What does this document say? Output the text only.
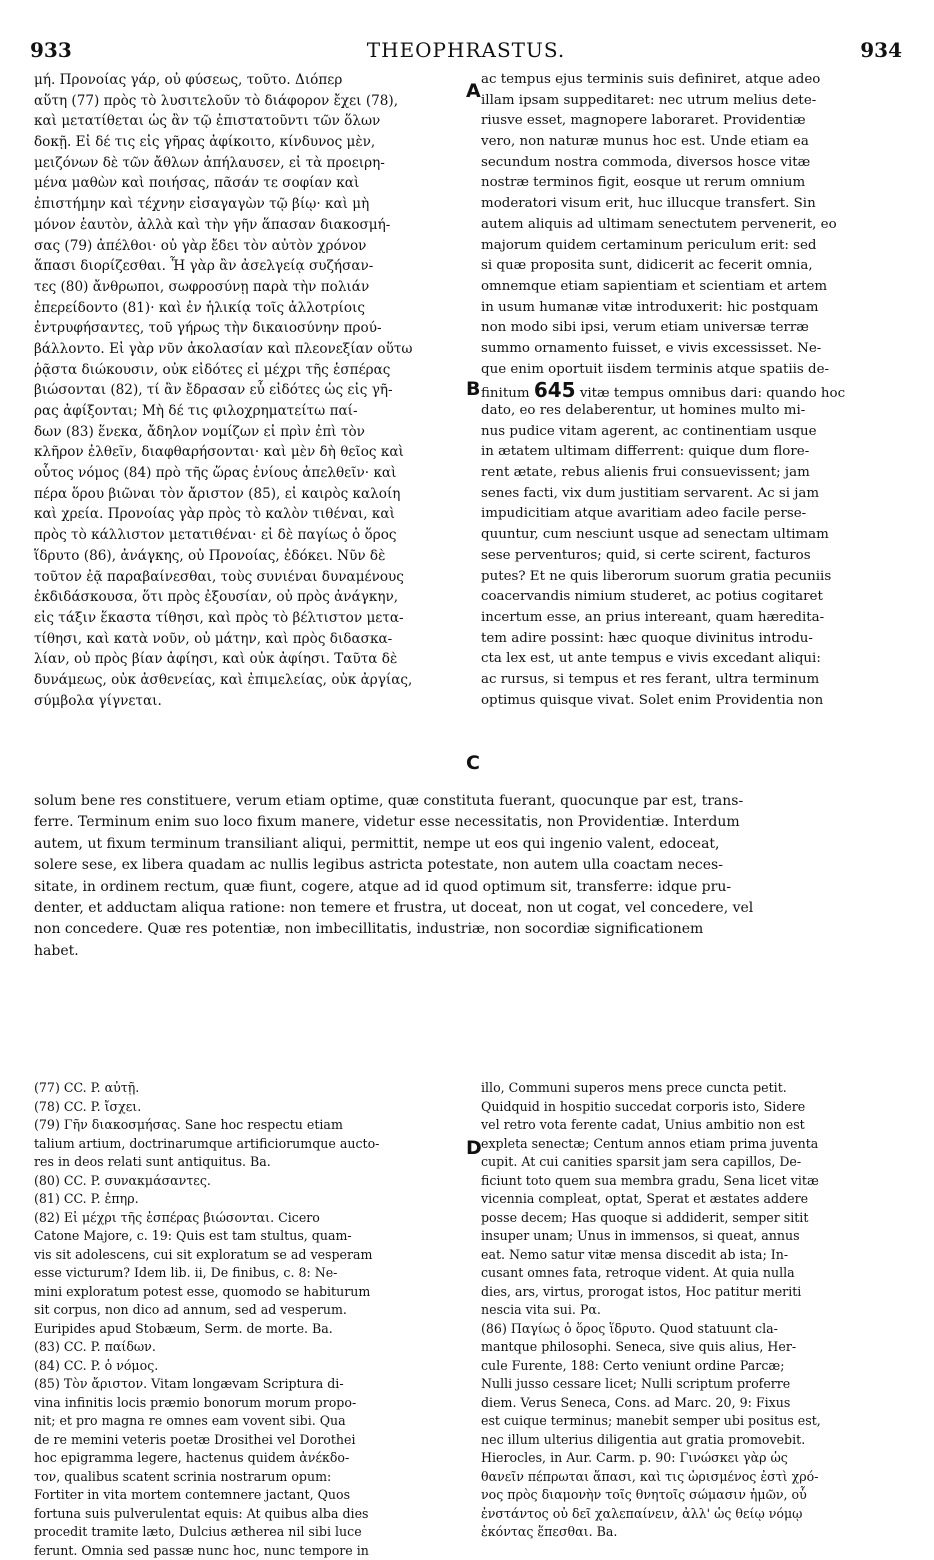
933	THEOPHRASTUS.	934
μή. Προνοίας γάρ, οὐ φύσεως, τοῦτο. Διόπερ
αὕτη (77) πρὸς τὸ λυσιτελοῦν τὸ διάφορον ἔχει (78),
καὶ μετατίθεται ὡς ἂν τῷ ἐπιστατοῦντι τῶν ὅλων
δοκῇ. Εἰ δέ τις εἰς γῆρας ἀφίκοιτο, κίνδυνος μὲν,
μειζόνων δὲ τῶν ἄθλων ἀπήλαυσεν, εἰ τὰ προειρη-
μένα μαθὼν καὶ ποιήσας, πᾶσάν τε σοφίαν καὶ
ἐπιστήμην καὶ τέχνην εἰσαγαγὼν τῷ βίῳ· καὶ μὴ
μόνον ἑαυτὸν, ἀλλὰ καὶ τὴν γῆν ἅπασαν διακοσμή-
σας (79) ἀπέλθοι· οὐ γὰρ ἔδει τὸν αὐτὸν χρόνον
ἅπασι διορίζεσθαι. Ἦ γὰρ ἂν ἀσελγείᾳ συζήσαν-
τες (80) ἄνθρωποι, σωφροσύνῃ παρὰ τὴν πολιάν
ἐπερείδοντο (81)· καὶ ἐν ἡλικίᾳ τοῖς ἀλλοτρίοις
ἐντρυφήσαντες, τοῦ γήρως τὴν δικαιοσύνην πρού-
βάλλοντο. Εἰ γὰρ νῦν ἀκολασίαν καὶ πλεονεξίαν οὕτω
ῥᾷστα διώκουσιν, οὐκ εἰδότες εἰ μέχρι τῆς ἑσπέρας
βιώσονται (82), τί ἂν ἔδρασαν εὖ εἰδότες ὡς εἰς γῆ-
ρας ἀφίξονται; Μὴ δέ τις φιλοχρηματείτω παί-
δων (83) ἕνεκα, ἄδηλον νομίζων εἰ πρὶν ἐπὶ τὸν
κλῆρον ἐλθεῖν, διαφθαρήσονται· καὶ μὲν δὴ θεῖος καὶ
οὗτος νόμος (84) πρὸ τῆς ὥρας ἐνίους ἀπελθεῖν· καὶ
πέρα ὅρου βιῶναι τὸν ἄριστον (85), εἰ καιρὸς καλοίη
καὶ χρεία. Προνοίας γὰρ πρὸς τὸ καλὸν τιθέναι, καὶ
πρὸς τὸ κάλλιστον μετατιθέναι· εἰ δὲ παγίως ὁ ὅρος
ἵδρυτο (86), ἀνάγκης, οὐ Προνοίας, ἐδόκει. Νῦν δὲ
τοῦτον ἐᾷ παραβαίνεσθαι, τοὺς συνιέναι δυναμένους
ἐκδιδάσκουσα, ὅτι πρὸς ἐξουσίαν, οὐ πρὸς ἀνάγκην,
εἰς τάξιν ἕκαστα τίθησι, καὶ πρὸς τὸ βέλτιστον μετα-
τίθησι, καὶ κατὰ νοῦν, οὐ μάτην, καὶ πρὸς διδασκα-
λίαν, οὐ πρὸς βίαν ἀφίησι, καὶ οὐκ ἀφίησι. Ταῦτα δὲ
δυνάμεως, οὐκ ἀσθενείας, καὶ ἐπιμελείας, οὐκ ἀργίας,
σύμβολα γίγνεται.
ac tempus ejus terminis suis definiret, atque adeo
illam ipsam suppeditaret: nec utrum melius dete-
riusve esset, magnopere laboraret. Providentiæ
vero, non naturæ munus hoc est. Unde etiam ea
secundum nostra commoda, diversos hosce vitæ
nostræ terminos figit, eosque ut rerum omnium
moderatori visum erit, huc illucque transfert. Sin
autem aliquis ad ultimam senectutem pervenerit, eo
majorum quidem certaminum periculum erit: sed
si quæ proposita sunt, didicerit ac fecerit omnia,
omnemque etiam sapientiam et scientiam et artem
in usum humanæ vitæ introduxerit: hic postquam
non modo sibi ipsi, verum etiam universæ terræ
summo ornamento fuisset, e vivis excessisset. Ne-
que enim oportuit iisdem terminis atque spatiis de-
finitum 645 vitæ tempus omnibus dari: quando hoc
dato, eo res delaberentur, ut homines multo mi-
nus pudice vitam agerent, ac continentiam usque
in ætatem ultimam differrent: quique dum flore-
rent ætate, rebus alienis frui consuevissent; jam
senes facti, vix dum justitiam servarent. Ac si jam
impudicitiam atque avaritiam adeo facile perse-
quuntur, cum nesciunt usque ad senectam ultimam
sese perventuros; quid, si certe scirent, facturos
putes? Et ne quis liberorum suorum gratia pecuniis
coacervandis nimium studeret, ac potius cogitaret
incertum esse, an prius intereant, quam hæredita-
tem adire possint: hæc quoque divinitus introdu-
cta lex est, ut ante tempus e vivis excedant aliqui:
ac rursus, si tempus et res ferant, ultra terminum
optimus quisque vivat. Solet enim Providentia non
solum bene res constituere, verum etiam optime, quæ constituta fuerant, quocunque par est, trans-
ferre. Terminum enim suo loco fixum manere, videtur esse necessitatis, non Providentiæ. Interdum
autem, ut fixum terminum transiliant aliqui, permittit, nempe ut eos qui ingenio valent, edoceat,
solere sese, ex libera quadam ac nullis legibus astricta potestate, non autem ulla coactam neces-
sitate, in ordinem rectum, quæ fiunt, cogere, atque ad id quod optimum sit, transferre: idque pru-
denter, et adductam aliqua ratione: non temere et frustra, ut doceat, non ut cogat, vel concedere, vel
non concedere. Quæ res potentiæ, non imbecillitatis, industriæ, non socordiæ significationem
habet.
(77) CC. P. αὐτῇ.
(78) CC. P. ἴσχει.
(79) Γῆν διακοσμήσας. Sane hoc respectu etiam
talium artium, doctrinarumque artificiorumque aucto-
res in deos relati sunt antiquitus. Βa.
(80) CC. P. συνακμάσαντες.
(81) CC. P. ἐπηρ.
(82) Εἰ μέχρι τῆς ἑσπέρας βιώσονται. Cicero
Catone Majore, c. 19: Quis est tam stultus, quam-
vis sit adolescens, cui sit exploratum se ad vesperam
esse victurum? Idem lib. ii, De finibus, c. 8: Ne-
mini exploratum potest esse, quomodo se habiturum
sit corpus, non dico ad annum, sed ad vesperum.
Euripides apud Stobæum, Serm. de morte. Βa.
(83) CC. P. παίδων.
(84) CC. P. ὁ νόμος.
(85) Τὸν ἄριστον. Vitam longævam Scriptura di-
vina infinitis locis præmio bonorum morum propo-
nit; et pro magna re omnes eam vovent sibi. Qua
de re memini veteris poetæ Drosithei vel Dorothei
hoc epigramma legere, hactenus quidem ἀνέκδο-
τον, qualibus scatent scrinia nostrarum opum:
Fortiter in vita mortem contemnere jactant, Quos
fortuna suis pulverulentat equis: At quibus alba dies
procedit tramite læto, Dulcius ætherea nil sibi luce
ferunt. Omnia sed passæ nunc hoc, nunc tempore in
illo, Communi superos mens prece cuncta petit.
Quidquid in hospitio succedat corporis isto, Sidere
vel retro vota ferente cadat, Unius ambitio non est
expleta senectæ; Centum annos etiam prima juventa
cupit. At cui canities sparsit jam sera capillos, De-
ficiunt toto quem sua membra gradu, Sena licet vitæ
vicennia compleat, optat, Sperat et æstates addere
posse decem; Has quoque si addiderit, semper sitit
insuper unam; Unus in immensos, si queat, annus
eat. Nemo satur vitæ mensa discedit ab ista; In-
cusant omnes fata, retroque vident. At quia nulla
dies, ars, virtus, prorogat istos, Hoc patitur meriti
nescia vita sui. Ρα.
(86) Παγίως ὁ ὅρος ἵδρυτο. Quod statuunt cla-
mantque philosophi. Seneca, sive quis alius, Her-
cule Furente, 188: Certo veniunt ordine Parcæ;
Nulli jusso cessare licet; Nulli scriptum proferre
diem. Verus Seneca, Cons. ad Marc. 20, 9: Fixus
est cuique terminus; manebit semper ubi positus est,
nec illum ulterius diligentia aut gratia promovebit.
Hierocles, in Aur. Carm. p. 90: Γινώσκει γὰρ ὡς
θανεῖν πέπρωται ἅπασι, καὶ τις ὡρισμένος ἐστὶ χρό-
νος πρὸς διαμονὴν τοῖς θνητοῖς σώμασιν ἡμῶν, οὗ
ἐνστάντος οὐ δεῖ χαλεπαίνειν, ἀλλ' ὡς θείῳ νόμῳ
ἑκόντας ἕπεσθαι. Βa.
A
B
C
D
